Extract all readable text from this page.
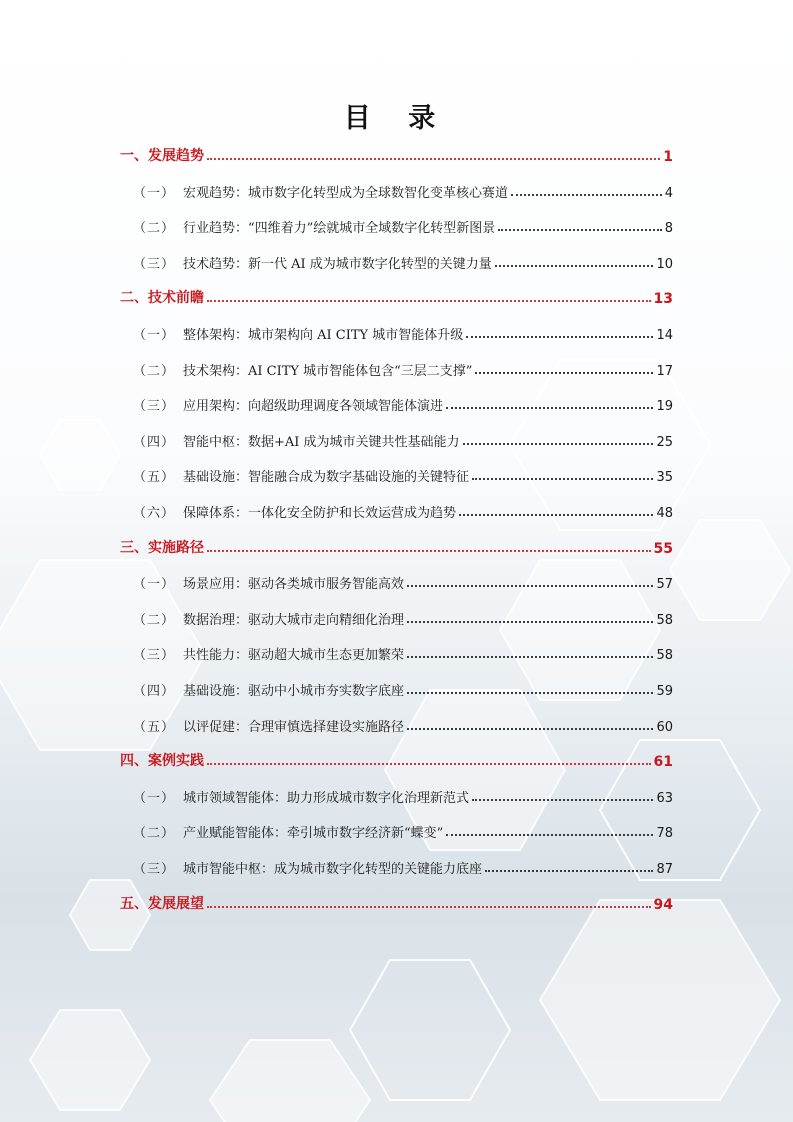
目 录
一、发展趋势	1
（一） 宏观趋势：城市数字化转型成为全球数智化变革核心赛道	4
（二） 行业趋势：“四维着力”绘就城市全域数字化转型新图景	8
（三） 技术趋势：新一代 AI 成为城市数字化转型的关键力量	10
二、技术前瞻	13
（一） 整体架构：城市架构向 AI CITY 城市智能体升级	14
（二） 技术架构：AI CITY 城市智能体包含“三层二支撑”	17
（三） 应用架构：向超级助理调度各领域智能体演进	19
（四） 智能中枢：数据+AI 成为城市关键共性基础能力	25
（五） 基础设施：智能融合成为数字基础设施的关键特征	35
（六） 保障体系：一体化安全防护和长效运营成为趋势	48
三、实施路径	55
（一） 场景应用：驱动各类城市服务智能高效	57
（二） 数据治理：驱动大城市走向精细化治理	58
（三） 共性能力：驱动超大城市生态更加繁荣	58
（四） 基础设施：驱动中小城市夯实数字底座	59
（五） 以评促建：合理审慎选择建设实施路径	60
四、案例实践	61
（一） 城市领域智能体：助力形成城市数字化治理新范式	63
（二） 产业赋能智能体：牵引城市数字经济新“蝶变”	78
（三） 城市智能中枢：成为城市数字化转型的关键能力底座	87
五、发展展望	94
